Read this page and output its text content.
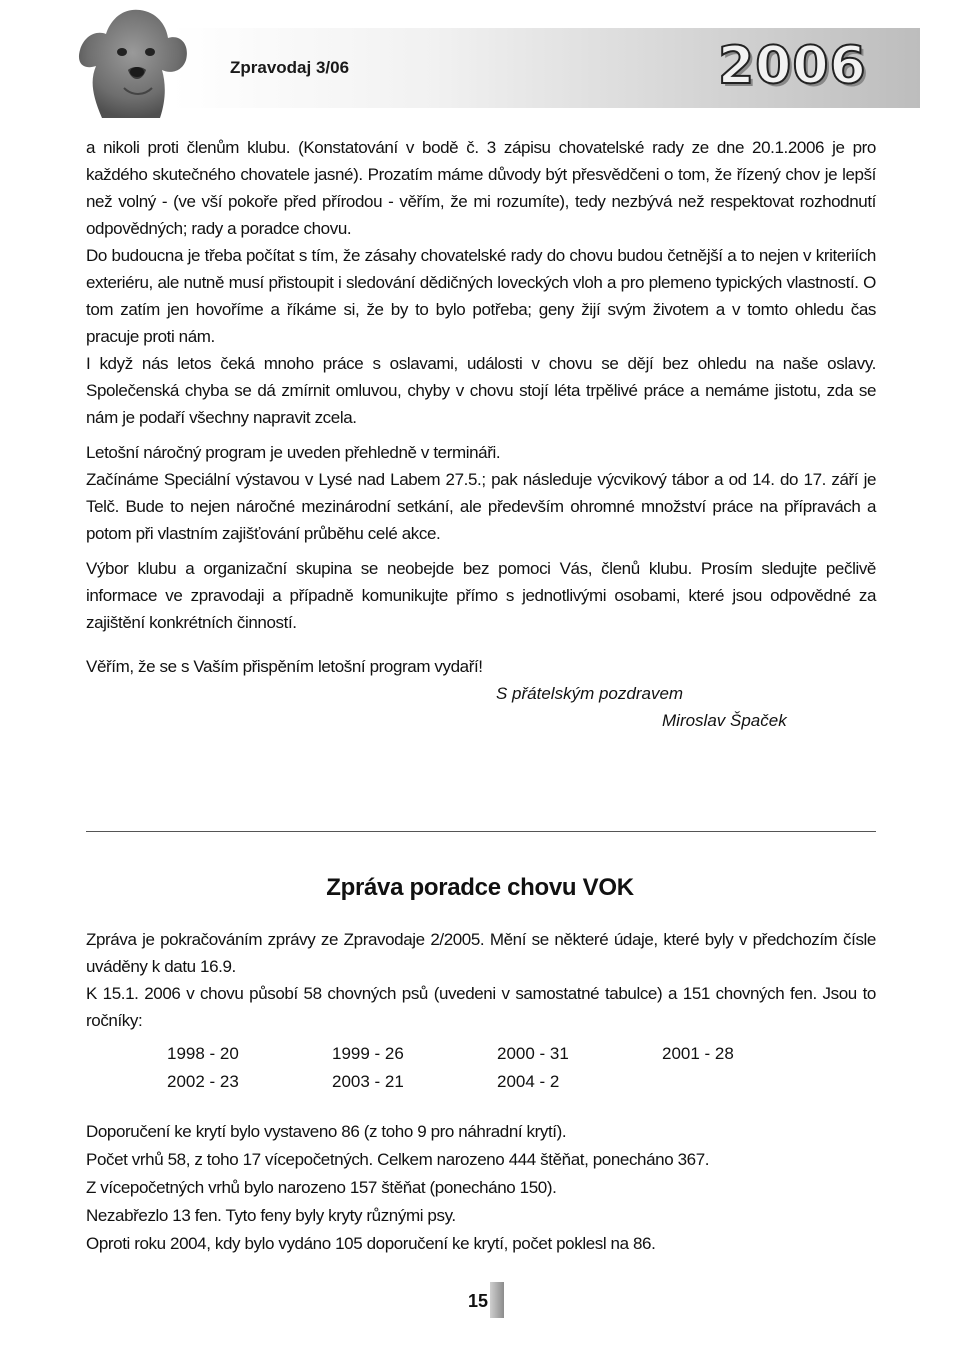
Zpravodaj 3/06	2006

a nikoli proti členům klubu. (Konstatování v bodě č. 3 zápisu chovatelské rady ze dne 20.1.2006 je pro každého skutečného chovatele jasné). Prozatím máme důvody být přesvědčeni o tom, že řízený chov je lepší než volný - (ve vší pokoře před přírodou - věřím, že mi rozumíte), tedy nezbývá než respektovat rozhodnutí odpovědných; rady a poradce chovu.

Do budoucna je třeba počítat s tím, že zásahy chovatelské rady do chovu budou četnější a to nejen v kriteriích exteriéru, ale nutně musí přistoupit i sledování dědičných loveckých vloh a pro plemeno typických vlastností. O tom zatím jen hovoříme a říkáme si, že by to bylo potřeba; geny žijí svým životem a v tomto ohledu čas pracuje proti nám.

I když nás letos čeká mnoho práce s oslavami, události v chovu se dějí bez ohledu na naše oslavy. Společenská chyba se dá zmírnit omluvou, chyby v chovu stojí léta trpělivé práce a nemáme jistotu, zda se nám je podaří všechny napravit zcela.

Letošní náročný program je uveden přehledně v termináři.

Začínáme Speciální výstavou v Lysé nad Labem 27.5.; pak následuje výcvikový tábor a od 14. do 17. září je Telč. Bude to nejen náročné mezinárodní setkání, ale především ohromné množství práce na přípravách a potom při vlastním zajišťování průběhu celé akce.

Výbor klubu a organizační skupina se neobejde bez pomoci Vás, členů klubu. Prosím sledujte pečlivě informace ve zpravodaji a případně komunikujte přímo s jednotlivými osobami, které jsou odpovědné za zajištění konkrétních činností.

Věřím, že se s Vaším přispěním letošní program vydaří!

S přátelským pozdravem

Miroslav Špaček

Zpráva poradce chovu VOK

Zpráva je pokračováním zprávy ze Zpravodaje 2/2005. Mění se některé údaje, které byly v předchozím čísle uváděny k datu 16.9.

K 15.1. 2006 v chovu působí 58 chovných psů (uvedeni v samostatné tabulce) a 151 chovných fen. Jsou to ročníky:

1998 - 20	1999 - 26	2000 - 31	2001 - 28
2002 - 23	2003 - 21	2004 - 2

Doporučení ke krytí bylo vystaveno 86 (z toho 9 pro náhradní krytí).

Počet vrhů 58, z toho 17 vícepočetných. Celkem narozeno 444 štěňat, ponecháno 367.

Z vícepočetných vrhů bylo narozeno 157 štěňat (ponecháno 150).

Nezabřezlo 13 fen. Tyto feny byly kryty různými psy.

Oproti roku 2004, kdy bylo vydáno 105 doporučení ke krytí, počet poklesl na 86.

15
